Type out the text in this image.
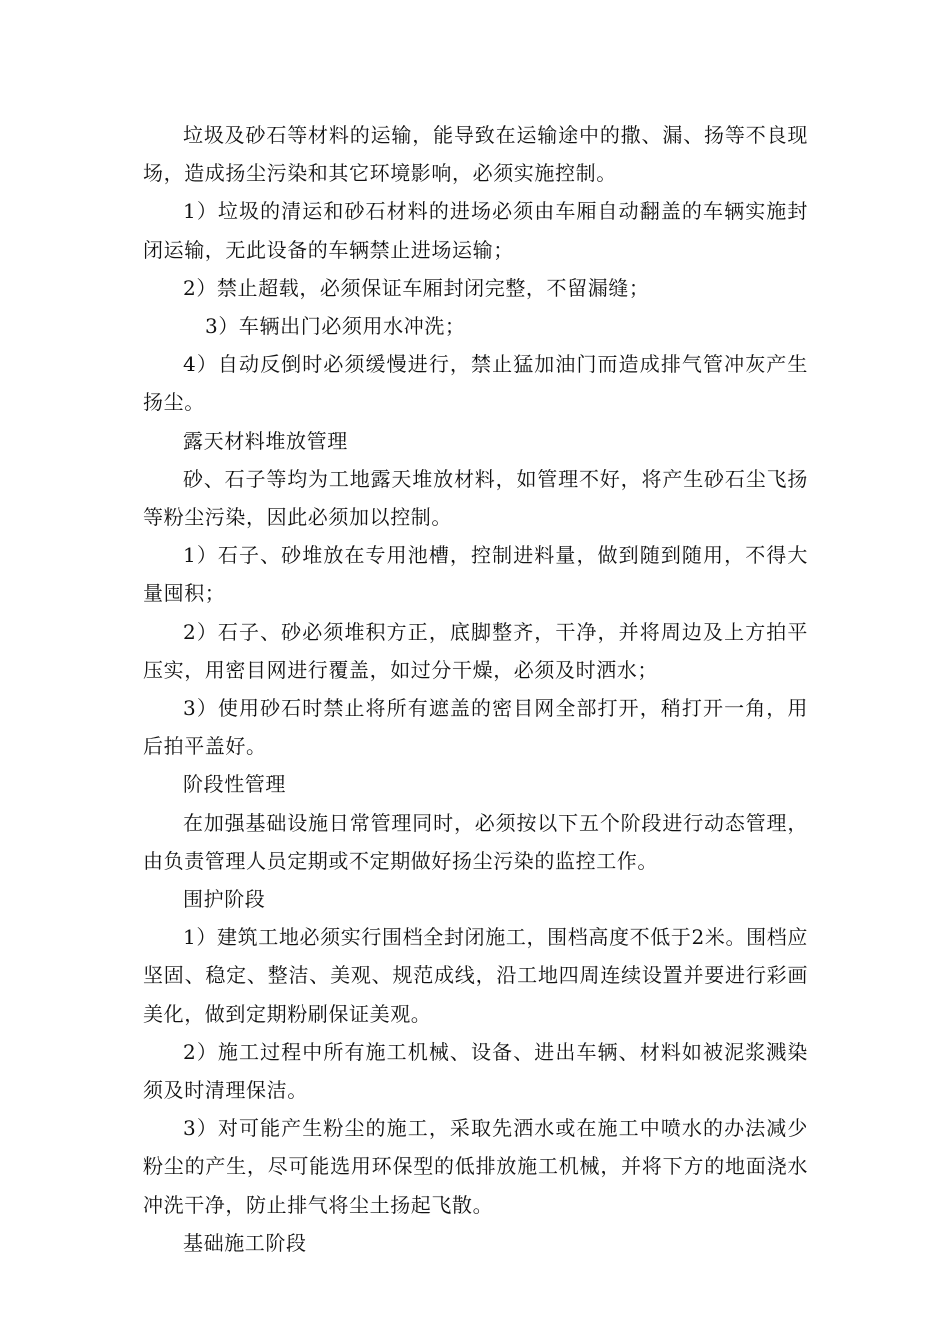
垃圾及砂石等材料的运输，能导致在运输途中的撒、漏、扬等不良现场，造成扬尘污染和其它环境影响，必须实施控制。

1）垃圾的清运和砂石材料的进场必须由车厢自动翻盖的车辆实施封闭运输，无此设备的车辆禁止进场运输；

2）禁止超载，必须保证车厢封闭完整，不留漏缝；

3）车辆出门必须用水冲洗；

4）自动反倒时必须缓慢进行，禁止猛加油门而造成排气管冲灰产生扬尘。

露天材料堆放管理

砂、石子等均为工地露天堆放材料，如管理不好，将产生砂石尘飞扬等粉尘污染，因此必须加以控制。

1）石子、砂堆放在专用池槽，控制进料量，做到随到随用，不得大量囤积；

2）石子、砂必须堆积方正，底脚整齐，干净，并将周边及上方拍平压实，用密目网进行覆盖，如过分干燥，必须及时洒水；

3）使用砂石时禁止将所有遮盖的密目网全部打开，稍打开一角，用后拍平盖好。

阶段性管理

在加强基础设施日常管理同时，必须按以下五个阶段进行动态管理，由负责管理人员定期或不定期做好扬尘污染的监控工作。

围护阶段

1）建筑工地必须实行围档全封闭施工，围档高度不低于2米。围档应坚固、稳定、整洁、美观、规范成线，沿工地四周连续设置并要进行彩画美化，做到定期粉刷保证美观。

2）施工过程中所有施工机械、设备、进出车辆、材料如被泥浆溅染须及时清理保洁。

3）对可能产生粉尘的施工，采取先洒水或在施工中喷水的办法减少粉尘的产生，尽可能选用环保型的低排放施工机械，并将下方的地面浇水冲洗干净，防止排气将尘土扬起飞散。

基础施工阶段
